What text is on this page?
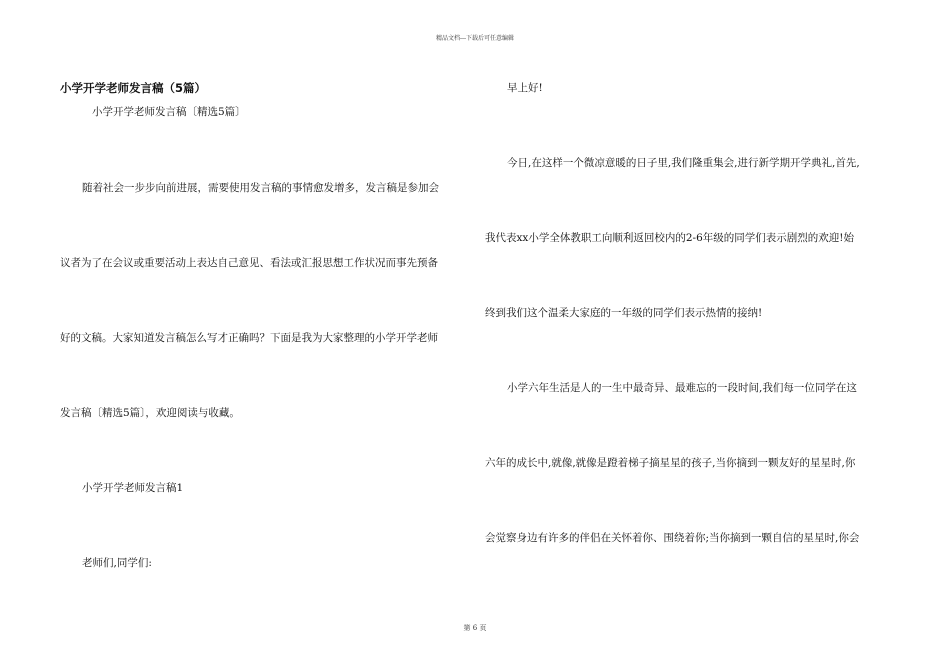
精品文档---下载后可任意编辑
小学开学老师发言稿（5篇）
小学开学老师发言稿〔精选5篇〕
随着社会一步步向前进展，需要使用发言稿的事情愈发增多，发言稿是参加会
议者为了在会议或重要活动上表达自己意见、看法或汇报思想工作状况而事先预备
好的文稿。大家知道发言稿怎么写才正确吗？下面是我为大家整理的小学开学老师
发言稿〔精选5篇〕，欢迎阅读与收藏。
小学开学老师发言稿1
老师们,同学们:
早上好!
今日,在这样一个微凉意暖的日子里,我们隆重集会,进行新学期开学典礼,首先,
我代表xx小学全体教职工向顺利返回校内的2-6年级的同学们表示剧烈的欢迎!始
终到我们这个温柔大家庭的一年级的同学们表示热情的接纳!
小学六年生活是人的一生中最奇异、最难忘的一段时间,我们每一位同学在这
六年的成长中,就像,就像是蹬着梯子摘星星的孩子,当你摘到一颗友好的星星时,你
会觉察身边有许多的伴侣在关怀着你、围绕着你;当你摘到一颗自信的星星时,你会
第 6 页
